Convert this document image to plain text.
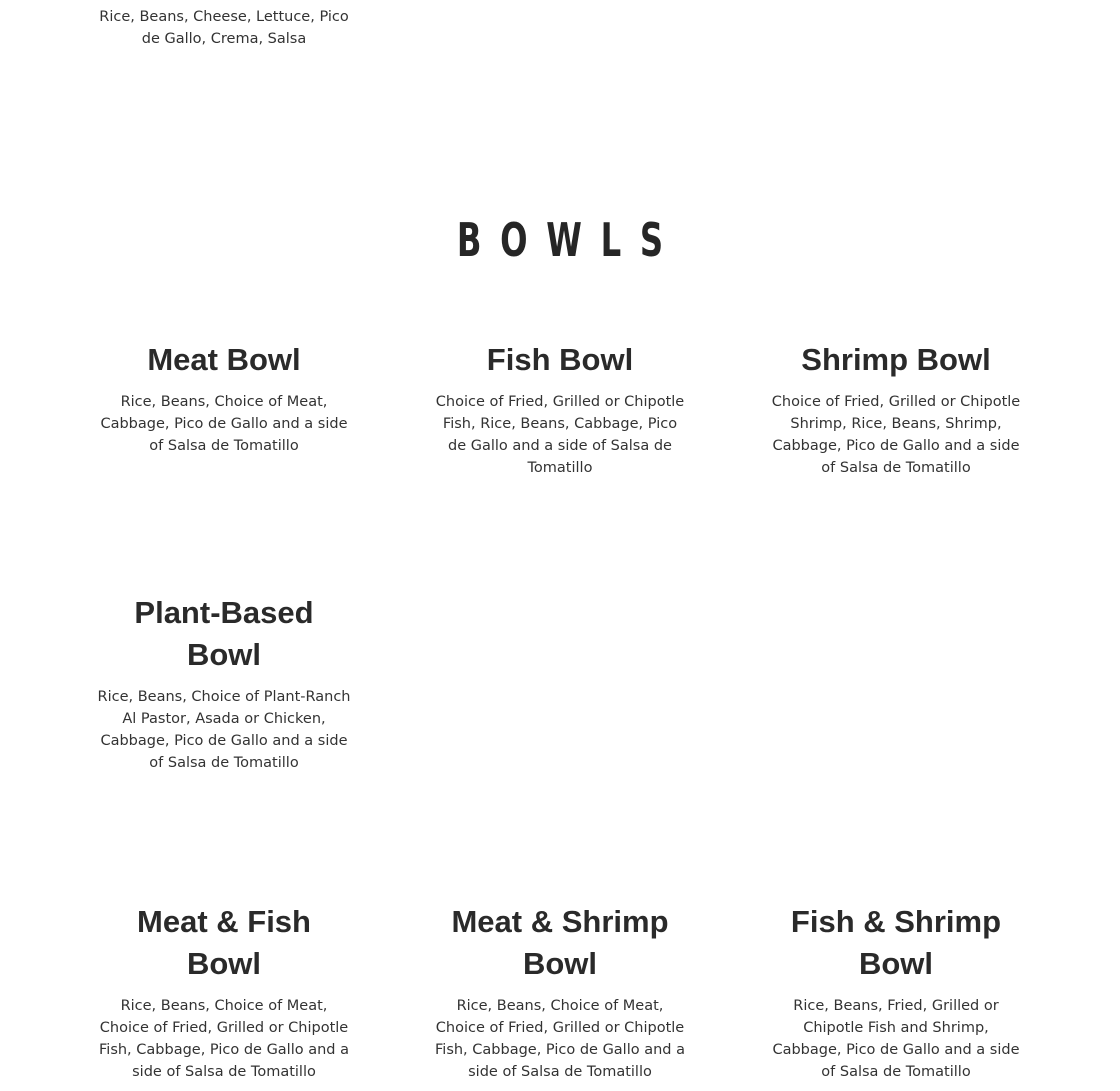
Rice, Beans, Cheese, Lettuce, Pico de Gallo, Crema, Salsa

BOWLS
Meat Bowl

Rice, Beans, Choice of Meat, Cabbage, Pico de Gallo and a side of Salsa de Tomatillo

Fish Bowl

Choice of Fried, Grilled or Chipotle Fish, Rice, Beans, Cabbage, Pico de Gallo and a side of Salsa de Tomatillo

Shrimp Bowl

Choice of Fried, Grilled or Chipotle Shrimp, Rice, Beans, Shrimp, Cabbage, Pico de Gallo and a side of Salsa de Tomatillo

Plant-Based Bowl

Rice, Beans, Choice of Plant-Ranch Al Pastor, Asada or Chicken, Cabbage, Pico de Gallo and a side of Salsa de Tomatillo

Meat & Fish Bowl

Rice, Beans, Choice of Meat, Choice of Fried, Grilled or Chipotle Fish, Cabbage, Pico de Gallo and a side of Salsa de Tomatillo

Meat & Shrimp Bowl

Rice, Beans, Choice of Meat, Choice of Fried, Grilled or Chipotle Fish, Cabbage, Pico de Gallo and a side of Salsa de Tomatillo

Fish & Shrimp Bowl

Rice, Beans, Fried, Grilled or Chipotle Fish and Shrimp, Cabbage, Pico de Gallo and a side of Salsa de Tomatillo
